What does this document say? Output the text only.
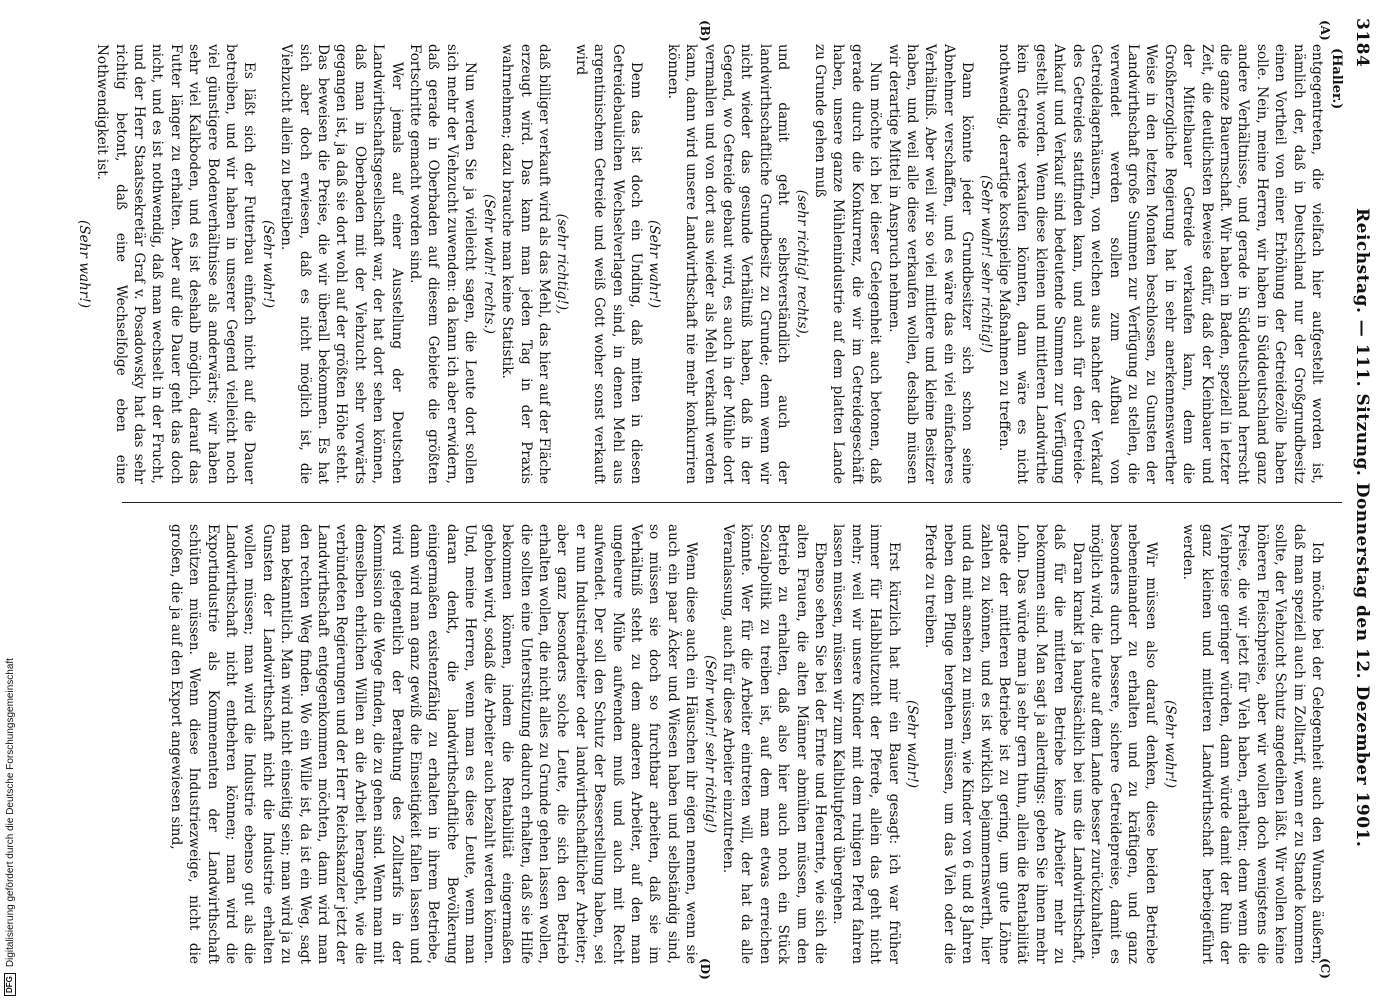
DFG
Digitalisierung gefördert durch die Deutsche Forschungsgemeinschaft
3184
Reichstag. — 111. Sitzung. Donnerstag den 12. Dezember 1901.
(Haller.)
(A)
(B)
(C)
(D)

entgegentreten, die vielfach hier aufgestellt worden ist, nämlich der, daß in Deutschland nur der Großgrundbesitz einen Vortheil von einer Erhöhung der Getreidezölle haben solle. Nein, meine Herren, wir haben in Süddeutschland ganz andere Verhältnisse, und gerade in Süddeutschland herrscht die ganze Bauernschaft. Wir haben in Baden, speziell in letzter Zeit, die deutlichsten Beweise dafür, daß der Kleinbauer und der Mittelbauer Getreide verkaufen kann, denn die Großherzogliche Regierung hat in sehr anerkennenswerther Weise in den letzten Monaten beschlossen, zu Gunsten der Landwirthschaft große Summen zur Verfügung zu stellen, die verwendet werden sollen zum Aufbau von Getreidelagerhäusern, von welchen aus nachher der Verkauf des Getreides stattfinden kann, und auch für den Getreide-Ankauf und Verkauf sind bedeutende Summen zur Verfügung gestellt worden. Wenn diese kleinen und mittleren Landwirthe kein Getreide verkaufen könnten, dann wäre es nicht nothwendig, derartige kostspielige Maßnahmen zu treffen.

(Sehr wahr! sehr richtig!)

Dann könnte jeder Grundbesitzer sich schon seine Abnehmer verschaffen, und es wäre das ein viel einfacheres Verhältniß. Aber weil wir so viel mittlere und kleine Besitzer haben, und weil alle diese verkaufen wollen, deshalb müssen wir derartige Mittel in Anspruch nehmen.

Nun möchte ich bei dieser Gelegenheit auch betonen, daß gerade durch die Konkurrenz, die wir im Getreidegeschäft haben, unsere ganze Mühlenindustrie auf dem platten Lande zu Grunde gehen muß

(sehr richtig! rechts),

und damit geht selbstverständlich auch der landwirthschaftliche Grundbesitz zu Grunde; denn wenn wir nicht wieder das gesunde Verhältniß haben, daß in der Gegend, wo Getreide gebaut wird, es auch in der Mühle dort vermahlen und von dort aus wieder als Mehl verkauft werden kann, dann wird unsere Landwirthschaft nie mehr konkurriren können.

(Sehr wahr!)

Denn das ist doch ein Unding, daß mitten in diesen Getreidebaulichen Wechselverlagen sind, in denen Mehl aus argentinischem Getreide und weiß Gott woher sonst verkauft wird

(sehr richtig!),

daß billiger verkauft wird als das Mehl, das hier auf der Fläche erzeugt wird. Das kann man jeden Tag in der Praxis wahrnehmen; dazu brauche man keine Statistik.

(Sehr wahr! rechts.)

Nun werden Sie ja vielleicht sagen, die Leute dort sollen sich mehr der Viehzucht zuwenden: da kann ich aber erwidern, daß gerade in Oberbaden auf diesem Gebiete die größten Fortschritte gemacht worden sind.

Wer jemals auf einer Ausstellung der Deutschen Landwirthschaftsgesellschaft war, der hat dort sehen können, daß man in Oberbaden mit der Viehzucht sehr vorwärts gegangen ist, ja daß sie dort wohl auf der größten Höhe steht. Das beweisen die Preise, die wir überall bekommen. Es hat sich aber doch erwiesen, daß es nicht möglich ist, die Viehzucht allein zu betreiben.

(Sehr wahr!)

Es läßt sich der Futterbau einfach nicht auf die Dauer betreiben, und wir haben in unserer Gegend vielleicht noch viel günstigere Bodenverhältnisse als anderwärts; wir haben sehr viel Kalkboden, und es ist deshalb möglich, darauf das Futter länger zu erhalten. Aber auf die Dauer geht das doch nicht, und es ist nothwendig, daß man wechselt in der Frucht, und der Herr Staatssekretär Graf v. Posadowsky hat das sehr richtig betont, daß eine Wechselfolge eben eine Nothwendigkeit ist.

(Sehr wahr!)

Ich möchte bei der Gelegenheit auch den Wunsch äußern, daß man speziell auch im Zolltarif, wenn er zu Stande kommen sollte, der Viehzucht Schutz angedeihen läßt. Wir wollen keine höheren Fleischpreise, aber wir wollen doch wenigstens die Preise, die wir jetzt für Vieh haben, erhalten; denn wenn die Viehpreise geringer würden, dann würde damit der Ruin der ganz kleinen und mittleren Landwirthschaft herbeigeführt werden.

(Sehr wahr!)

Wir müssen also darauf denken, diese beiden Betriebe nebeneinander zu erhalten und zu kräftigen, und ganz besonders durch bessere, sichere Getreidepreise, damit es möglich wird, die Leute auf dem Lande besser zurückzuhalten.

Daran krankt ja hauptsächlich bei uns die Landwirthschaft, daß für die mittleren Betriebe keine Arbeiter mehr zu bekommen sind. Man sagt ja allerdings: geben Sie ihnen mehr Lohn. Das würde man ja sehr gern thun, allein die Rentabilität grade der mittleren Betriebe ist zu gering, um gute Löhne zahlen zu können, und es ist wirklich bejammernswerth, hier und da mit ansehen zu müssen, wie Kinder von 6 und 8 Jahren neben dem Pfluge hergehen müssen, um das Vieh oder die Pferde zu treiben.

(Sehr wahr!)

Erst kürzlich hat mir ein Bauer gesagt: ich war früher immer für Halbblutzucht der Pferde, allein das geht nicht mehr; weil wir unsere Kinder mit dem ruhigen Pferd fahren lassen müssen, müssen wir zum Kaltblutpferd übergehen.

Ebenso sehen Sie bei der Ernte und Heuernte, wie sich die alten Frauen, die alten Männer abmühen müssen, um den Betrieb zu erhalten, daß also hier auch noch ein Stück Sozialpolitik zu treiben ist, auf dem man etwas erreichen könnte. Wer für die Arbeiter eintreten will, der hat da alle Veranlassung, auch für diese Arbeiter einzutreten.

(Sehr wahr! sehr richtig!)

Wenn diese auch ein Häuschen ihr eigen nennen, wenn sie auch ein paar Äcker und Wiesen haben und selbständig sind, so müssen sie doch so furchtbar arbeiten, daß sie im Verhältniß steht zu dem anderen Arbeiter, auf den man ungeheure Mühe aufwenden muß und auch mit Recht aufwendet. Der soll den Schutz der Besserstellung haben, sei er nun Industriearbeiter oder landwirthschaftlicher Arbeiter; aber ganz besonders solche Leute, die sich den Betrieb erhalten wollen, die nicht alles zu Grunde gehen lassen wollen, die sollten eine Unterstützung dadurch erhalten, daß sie Hilfe bekommen können, indem die Rentabilität eingermaßen gehoben wird, sodaß die Arbeiter auch bezahlt werden können. Und, meine Herren, wenn man es diese Leute, wenn man daran denkt, die landwirthschaftliche Bevölkerung einigermaßen existenzfähig zu erhalten in ihrem Betriebe, dann wird man ganz gewiß die Einseitigkeit fallen lassen und wird gelegentlich der Berathung des Zolltarifs in der Kommission die Wege finden, die zu gehen sind. Wenn man mit demselben ehrlichen Willen an die Arbeit herangeht, wie die verbündeten Regierungen und der Herr Reichskanzler jetzt der Landwirthschaft entgegenkommen möchten, dann wird man den rechten Weg finden. Wo ein Wille ist, da ist ein Weg, sagt man bekanntlich. Man wird nicht einseitig sein; man wird ja zu Gunsten der Landwirthschaft nicht die Industrie erhalten wollen müssen; man wird die Industrie ebenso gut als die Landwirthschaft nicht entbehren können; man wird die Exportindustrie als Kommenenten der Landwirthschaft schützen müssen. Wenn diese Industriezweige, nicht die großen, die ja auf den Export angewiesen sind,
